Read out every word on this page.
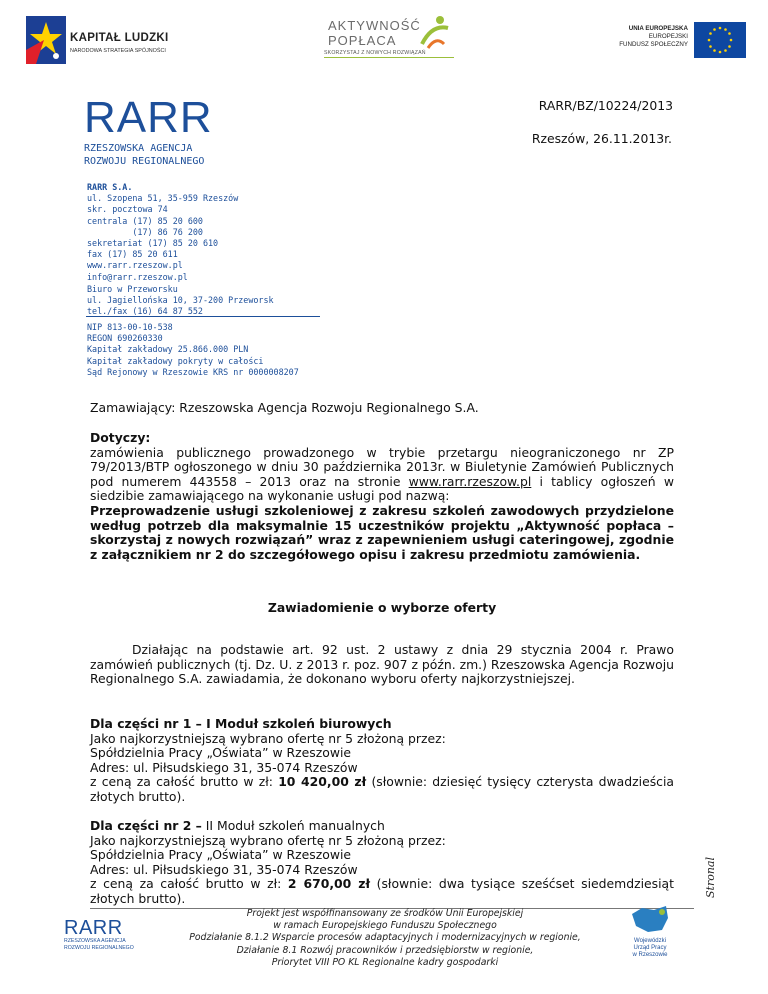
KAPITAŁ LUDZKI
NARODOWA STRATEGIA SPÓJNOŚCI
AKTYWNOŚĆ
POPŁACA
SKORZYSTAJ Z NOWYCH ROZWIĄZAŃ
UNIA EUROPEJSKA
EUROPEJSKI
FUNDUSZ SPOŁECZNY
RARR
RZESZOWSKA AGENCJA
ROZWOJU REGIONALNEGO
RARR S.A.
ul. Szopena 51, 35-959 Rzeszów
skr. pocztowa 74
centrala (17) 85 20 600
(17) 86 76 200
sekretariat (17) 85 20 610
fax (17) 85 20 611
www.rarr.rzeszow.pl
info@rarr.rzeszow.pl
Biuro w Przeworsku
ul. Jagiellońska 10, 37-200 Przeworsk
tel./fax (16) 64 87 552
NIP 813-00-10-538
REGON 690260330
Kapitał zakładowy 25.866.000 PLN
Kapitał zakładowy pokryty w całości
Sąd Rejonowy w Rzeszowie KRS nr 0000008207
RARR/BZ/10224/2013
Rzeszów, 26.11.2013r.
Zamawiający: Rzeszowska Agencja Rozwoju Regionalnego S.A.
Dotyczy:
zamówienia publicznego prowadzonego w trybie przetargu nieograniczonego nr ZP 79/2013/BTP ogłoszonego w dniu 30 października 2013r. w Biuletynie Zamówień Publicznych pod numerem 443558 – 2013 oraz na stronie www.rarr.rzeszow.pl i tablicy ogłoszeń w siedzibie zamawiającego na wykonanie usługi pod nazwą:
Przeprowadzenie usługi szkoleniowej z zakresu szkoleń zawodowych przydzielone według potrzeb dla maksymalnie 15 uczestników projektu „Aktywność popłaca – skorzystaj z nowych rozwiązań” wraz z zapewnieniem usługi cateringowej, zgodnie z załącznikiem nr 2 do szczegółowego opisu i zakresu przedmiotu zamówienia.
Zawiadomienie o wyborze oferty
Działając na podstawie art. 92 ust. 2 ustawy z dnia 29 stycznia 2004 r. Prawo zamówień publicznych (tj. Dz. U. z 2013 r. poz. 907 z późn. zm.) Rzeszowska Agencja Rozwoju Regionalnego S.A. zawiadamia, że dokonano wyboru oferty najkorzystniejszej.
Dla części nr 1 – I Moduł szkoleń biurowych
Jako najkorzystniejszą wybrano ofertę nr 5 złożoną przez:
Spółdzielnia Pracy „Oświata” w Rzeszowie
Adres: ul. Piłsudskiego 31, 35-074 Rzeszów
z ceną za całość brutto w zł: 10 420,00 zł (słownie: dziesięć tysięcy czterysta dwadzieścia złotych brutto).
Dla części nr 2 – II Moduł szkoleń manualnych
Jako najkorzystniejszą wybrano ofertę nr 5 złożoną przez:
Spółdzielnia Pracy „Oświata” w Rzeszowie
Adres: ul. Piłsudskiego 31, 35-074 Rzeszów
z ceną za całość brutto w zł: 2 670,00 zł (słownie: dwa tysiące sześćset siedemdziesiąt złotych brutto).
Stronal
RARR
RZESZOWSKA AGENCJA
ROZWOJU REGIONALNEGO
Projekt jest współfinansowany ze środków Unii Europejskiej
w ramach Europejskiego Funduszu Społecznego
Podziałanie 8.1.2 Wsparcie procesów adaptacyjnych i modernizacyjnych w regionie,
Działanie 8.1 Rozwój pracowników i przedsiębiorstw w regionie,
Priorytet VIII PO KL Regionalne kadry gospodarki
Wojewódzki
Urząd Pracy
w Rzeszowie
